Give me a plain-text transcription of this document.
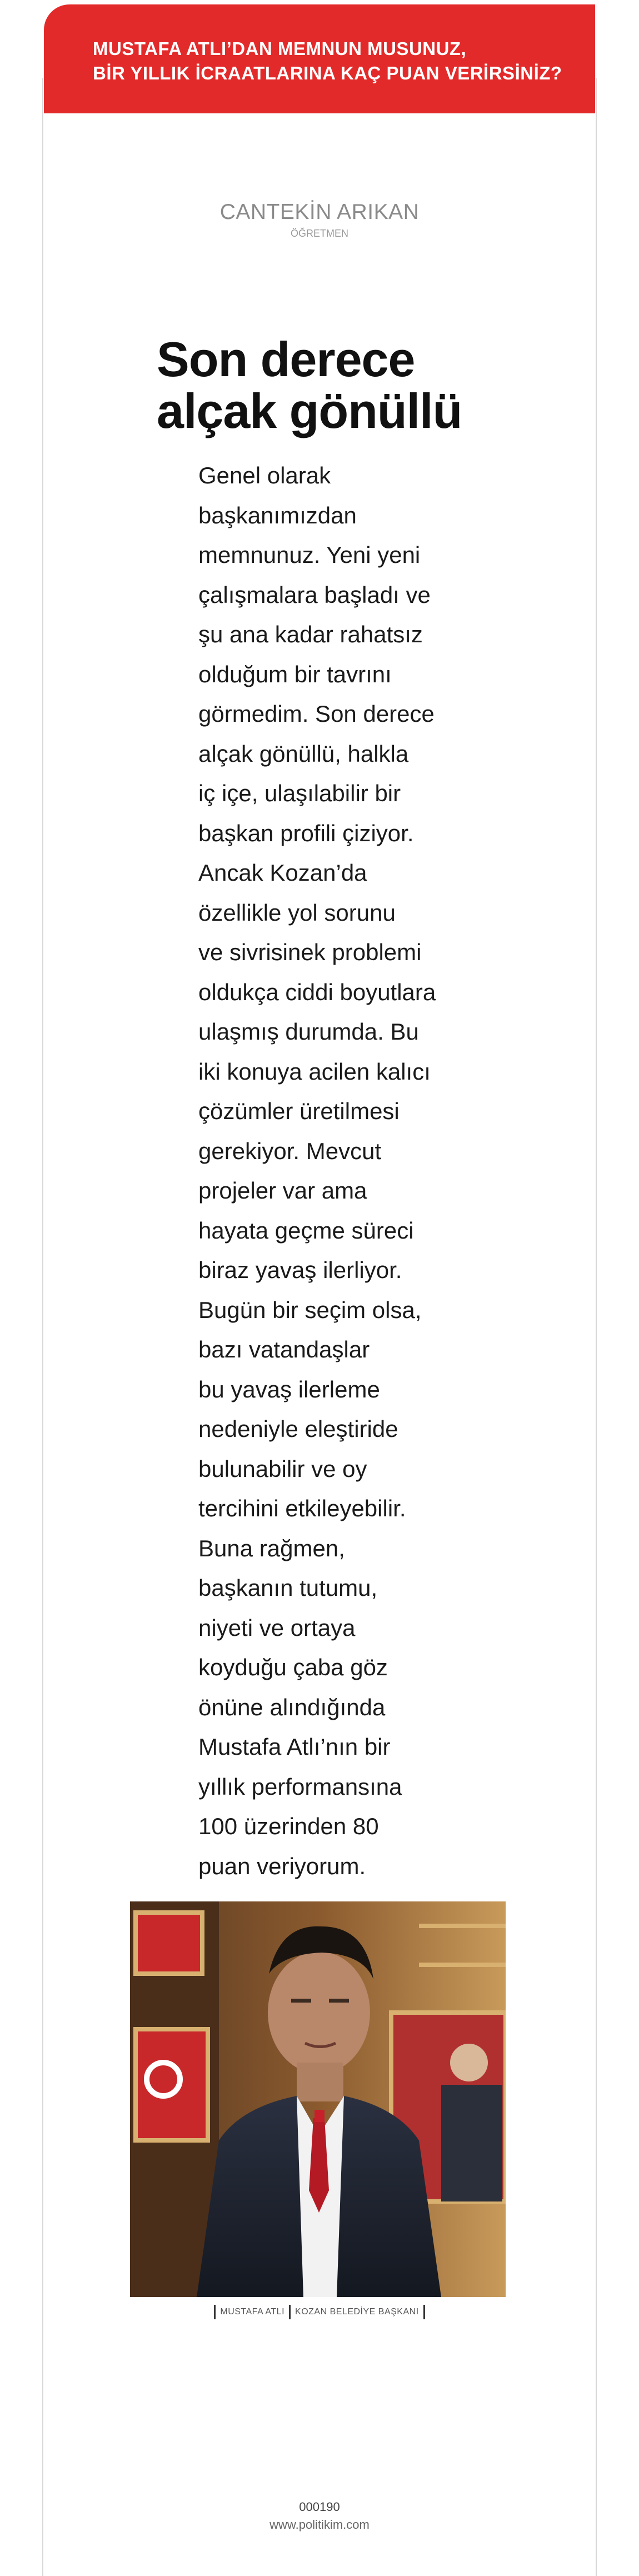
MUSTAFA ATLI’DAN MEMNUN MUSUNUZ,
BİR YILLIK İCRAATLARINA KAÇ PUAN VERİRSİNİZ?
CANTEKİN ARIKAN
ÖĞRETMEN
Son derece
alçak gönüllü
Genel olarak
başkanımızdan
memnunuz. Yeni yeni
çalışmalara başladı ve
şu ana kadar rahatsız
olduğum bir tavrını
görmedim. Son derece
alçak gönüllü, halkla
iç içe, ulaşılabilir bir
başkan profili çiziyor.
Ancak Kozan’da
özellikle yol sorunu
ve sivrisinek problemi
oldukça ciddi boyutlara
ulaşmış durumda. Bu
iki konuya acilen kalıcı
çözümler üretilmesi
gerekiyor. Mevcut
projeler var ama
hayata geçme süreci
biraz yavaş ilerliyor.
Bugün bir seçim olsa,
bazı vatandaşlar
bu yavaş ilerleme
nedeniyle eleştiride
bulunabilir ve oy
tercihini etkileyebilir.
Buna rağmen,
başkanın tutumu,
niyeti ve ortaya
koyduğu çaba göz
önüne alındığında
Mustafa Atlı’nın bir
yıllık performansına
100 üzerinden 80
puan veriyorum.
MUSTAFA ATLI KOZAN BELEDİYE BAŞKANI
000190
www.politikim.com
